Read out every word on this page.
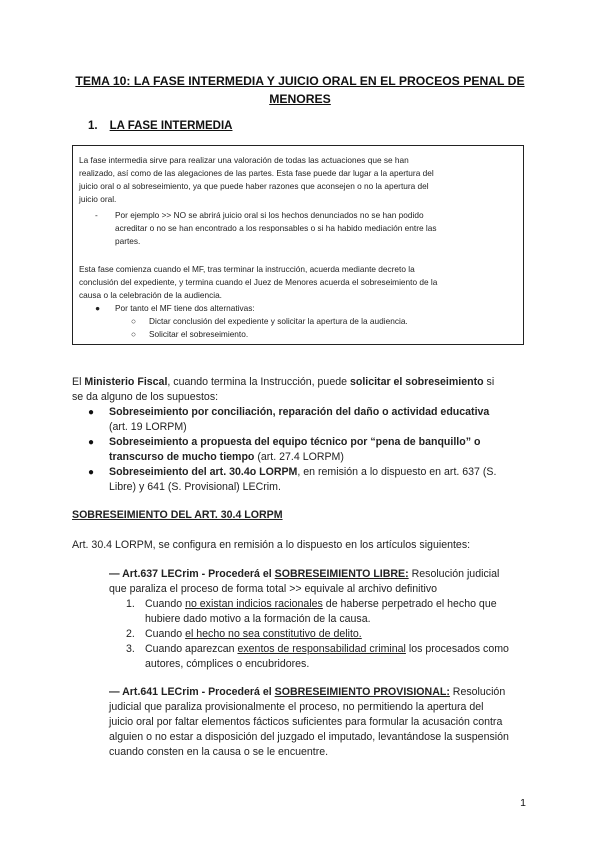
TEMA 10: LA FASE INTERMEDIA Y JUICIO ORAL EN EL PROCEOS PENAL DE MENORES
1. LA FASE INTERMEDIA

La fase intermedia sirve para realizar una valoración de todas las actuaciones que se han

realizado, así como de las alegaciones de las partes. Esta fase puede dar lugar a la apertura del

juicio oral o al sobreseimiento, ya que puede haber razones que aconsejen o no la apertura del

juicio oral.

- Por ejemplo >> NO se abrirá juicio oral si los hechos denunciados no se han podido

acreditar o no se han encontrado a los responsables o si ha habido mediación entre las

partes.

Esta fase comienza cuando el MF, tras terminar la instrucción, acuerda mediante decreto la

conclusión del expediente, y termina cuando el Juez de Menores acuerda el sobreseimiento de la

causa o la celebración de la audiencia.

● Por tanto el MF tiene dos alternativas:

○ Dictar conclusión del expediente y solicitar la apertura de la audiencia.

○ Solicitar el sobreseimiento.

El Ministerio Fiscal, cuando termina la Instrucción, puede solicitar el sobreseimiento si

se da alguno de los supuestos:

● Sobreseimiento por conciliación, reparación del daño o actividad educativa

(art. 19 LORPM)

● Sobreseimiento a propuesta del equipo técnico por “pena de banquillo” o

transcurso de mucho tiempo (art. 27.4 LORPM)

● Sobreseimiento del art. 30.4o LORPM, en remisión a lo dispuesto en art. 637 (S.

Libre) y 641 (S. Provisional) LECrim.

SOBRESEIMIENTO DEL ART. 30.4 LORPM

Art. 30.4 LORPM, se configura en remisión a lo dispuesto en los artículos siguientes:

— Art.637 LECrim - Procederá el SOBRESEIMIENTO LIBRE: Resolución judicial

que paraliza el proceso de forma total >> equivale al archivo definitivo

1. Cuando no existan indicios racionales de haberse perpetrado el hecho que

hubiere dado motivo a la formación de la causa.

2. Cuando el hecho no sea constitutivo de delito.

3. Cuando aparezcan exentos de responsabilidad criminal los procesados como

autores, cómplices o encubridores.

— Art.641 LECrim - Procederá el SOBRESEIMIENTO PROVISIONAL: Resolución

judicial que paraliza provisionalmente el proceso, no permitiendo la apertura del

juicio oral por faltar elementos fácticos suficientes para formular la acusación contra

alguien o no estar a disposición del juzgado el imputado, levantándose la suspensión

cuando consten en la causa o se le encuentre.

1
